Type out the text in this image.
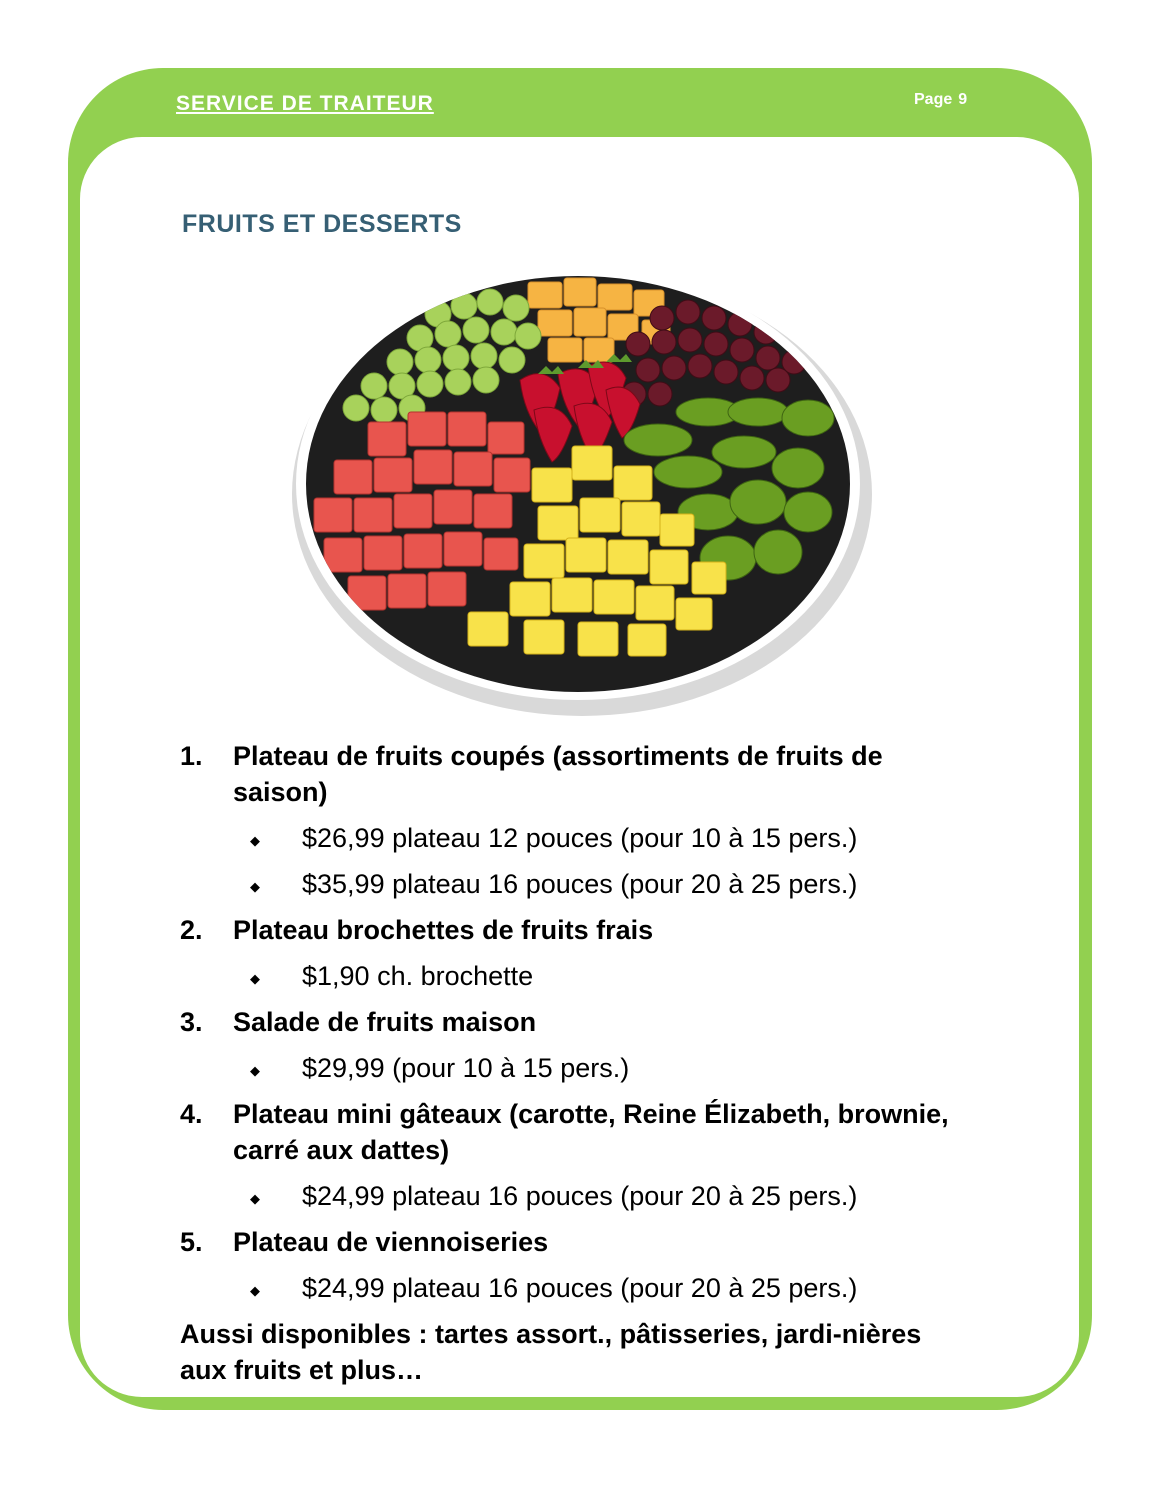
SERVICE DE TRAITEUR	Page 9
FRUITS ET DESSERTS
1.	Plateau de fruits coupés (assortiments de fruits de saison)
◆	$26,99 plateau 12 pouces (pour 10 à 15 pers.)
◆	$35,99 plateau 16 pouces (pour 20 à 25 pers.)
2.	Plateau brochettes de fruits frais
◆	$1,90 ch. brochette
3.	Salade de fruits maison
◆	$29,99 (pour 10 à 15 pers.)
4.	Plateau mini gâteaux (carotte, Reine Élizabeth, brownie, carré aux dattes)
◆	$24,99 plateau 16 pouces (pour 20 à 25 pers.)
5.	Plateau de viennoiseries
◆	$24,99 plateau 16 pouces (pour 20 à 25 pers.)
Aussi disponibles : tartes assort., pâtisseries, jardi-nières aux fruits et plus…
